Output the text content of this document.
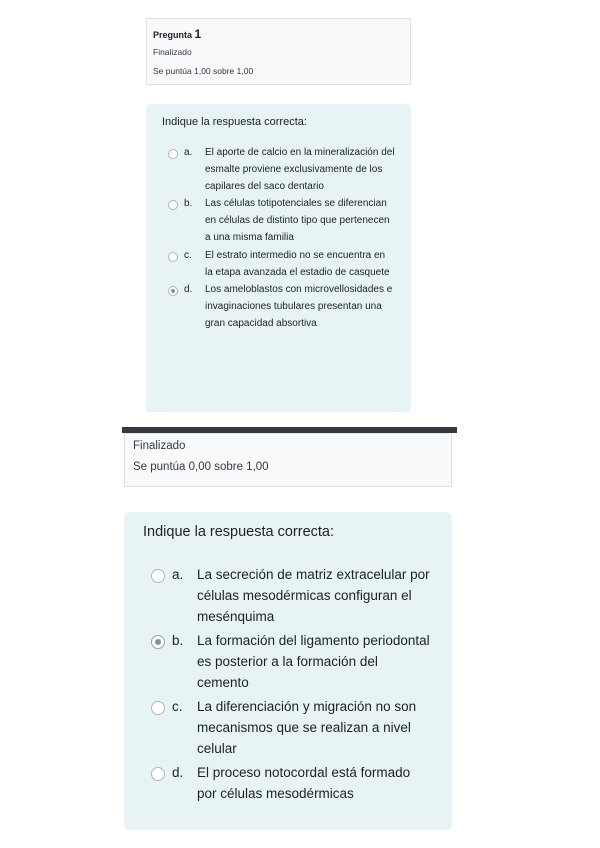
Pregunta 1
Finalizado
Se puntúa 1,00 sobre 1,00
Indique la respuesta correcta:
a.	El aporte de calcio en la mineralización del esmalte proviene exclusivamente de los capilares del saco dentario
b.	Las células totipotenciales se diferencian en células de distinto tipo que pertenecen a una misma familia
c.	El estrato intermedio no se encuentra en la etapa avanzada el estadio de casquete
d.	Los ameloblastos con microvellosidades e invaginaciones tubulares presentan una gran capacidad absortiva
Finalizado
Se puntúa 0,00 sobre 1,00
Indique la respuesta correcta:
a.	La secreción de matriz extracelular por células mesodérmicas configuran el mesénquima
b.	La formación del ligamento periodontal es posterior a la formación del cemento
c.	La diferenciación y migración no son mecanismos que se realizan a nivel celular
d.	El proceso notocordal está formado por células mesodérmicas
